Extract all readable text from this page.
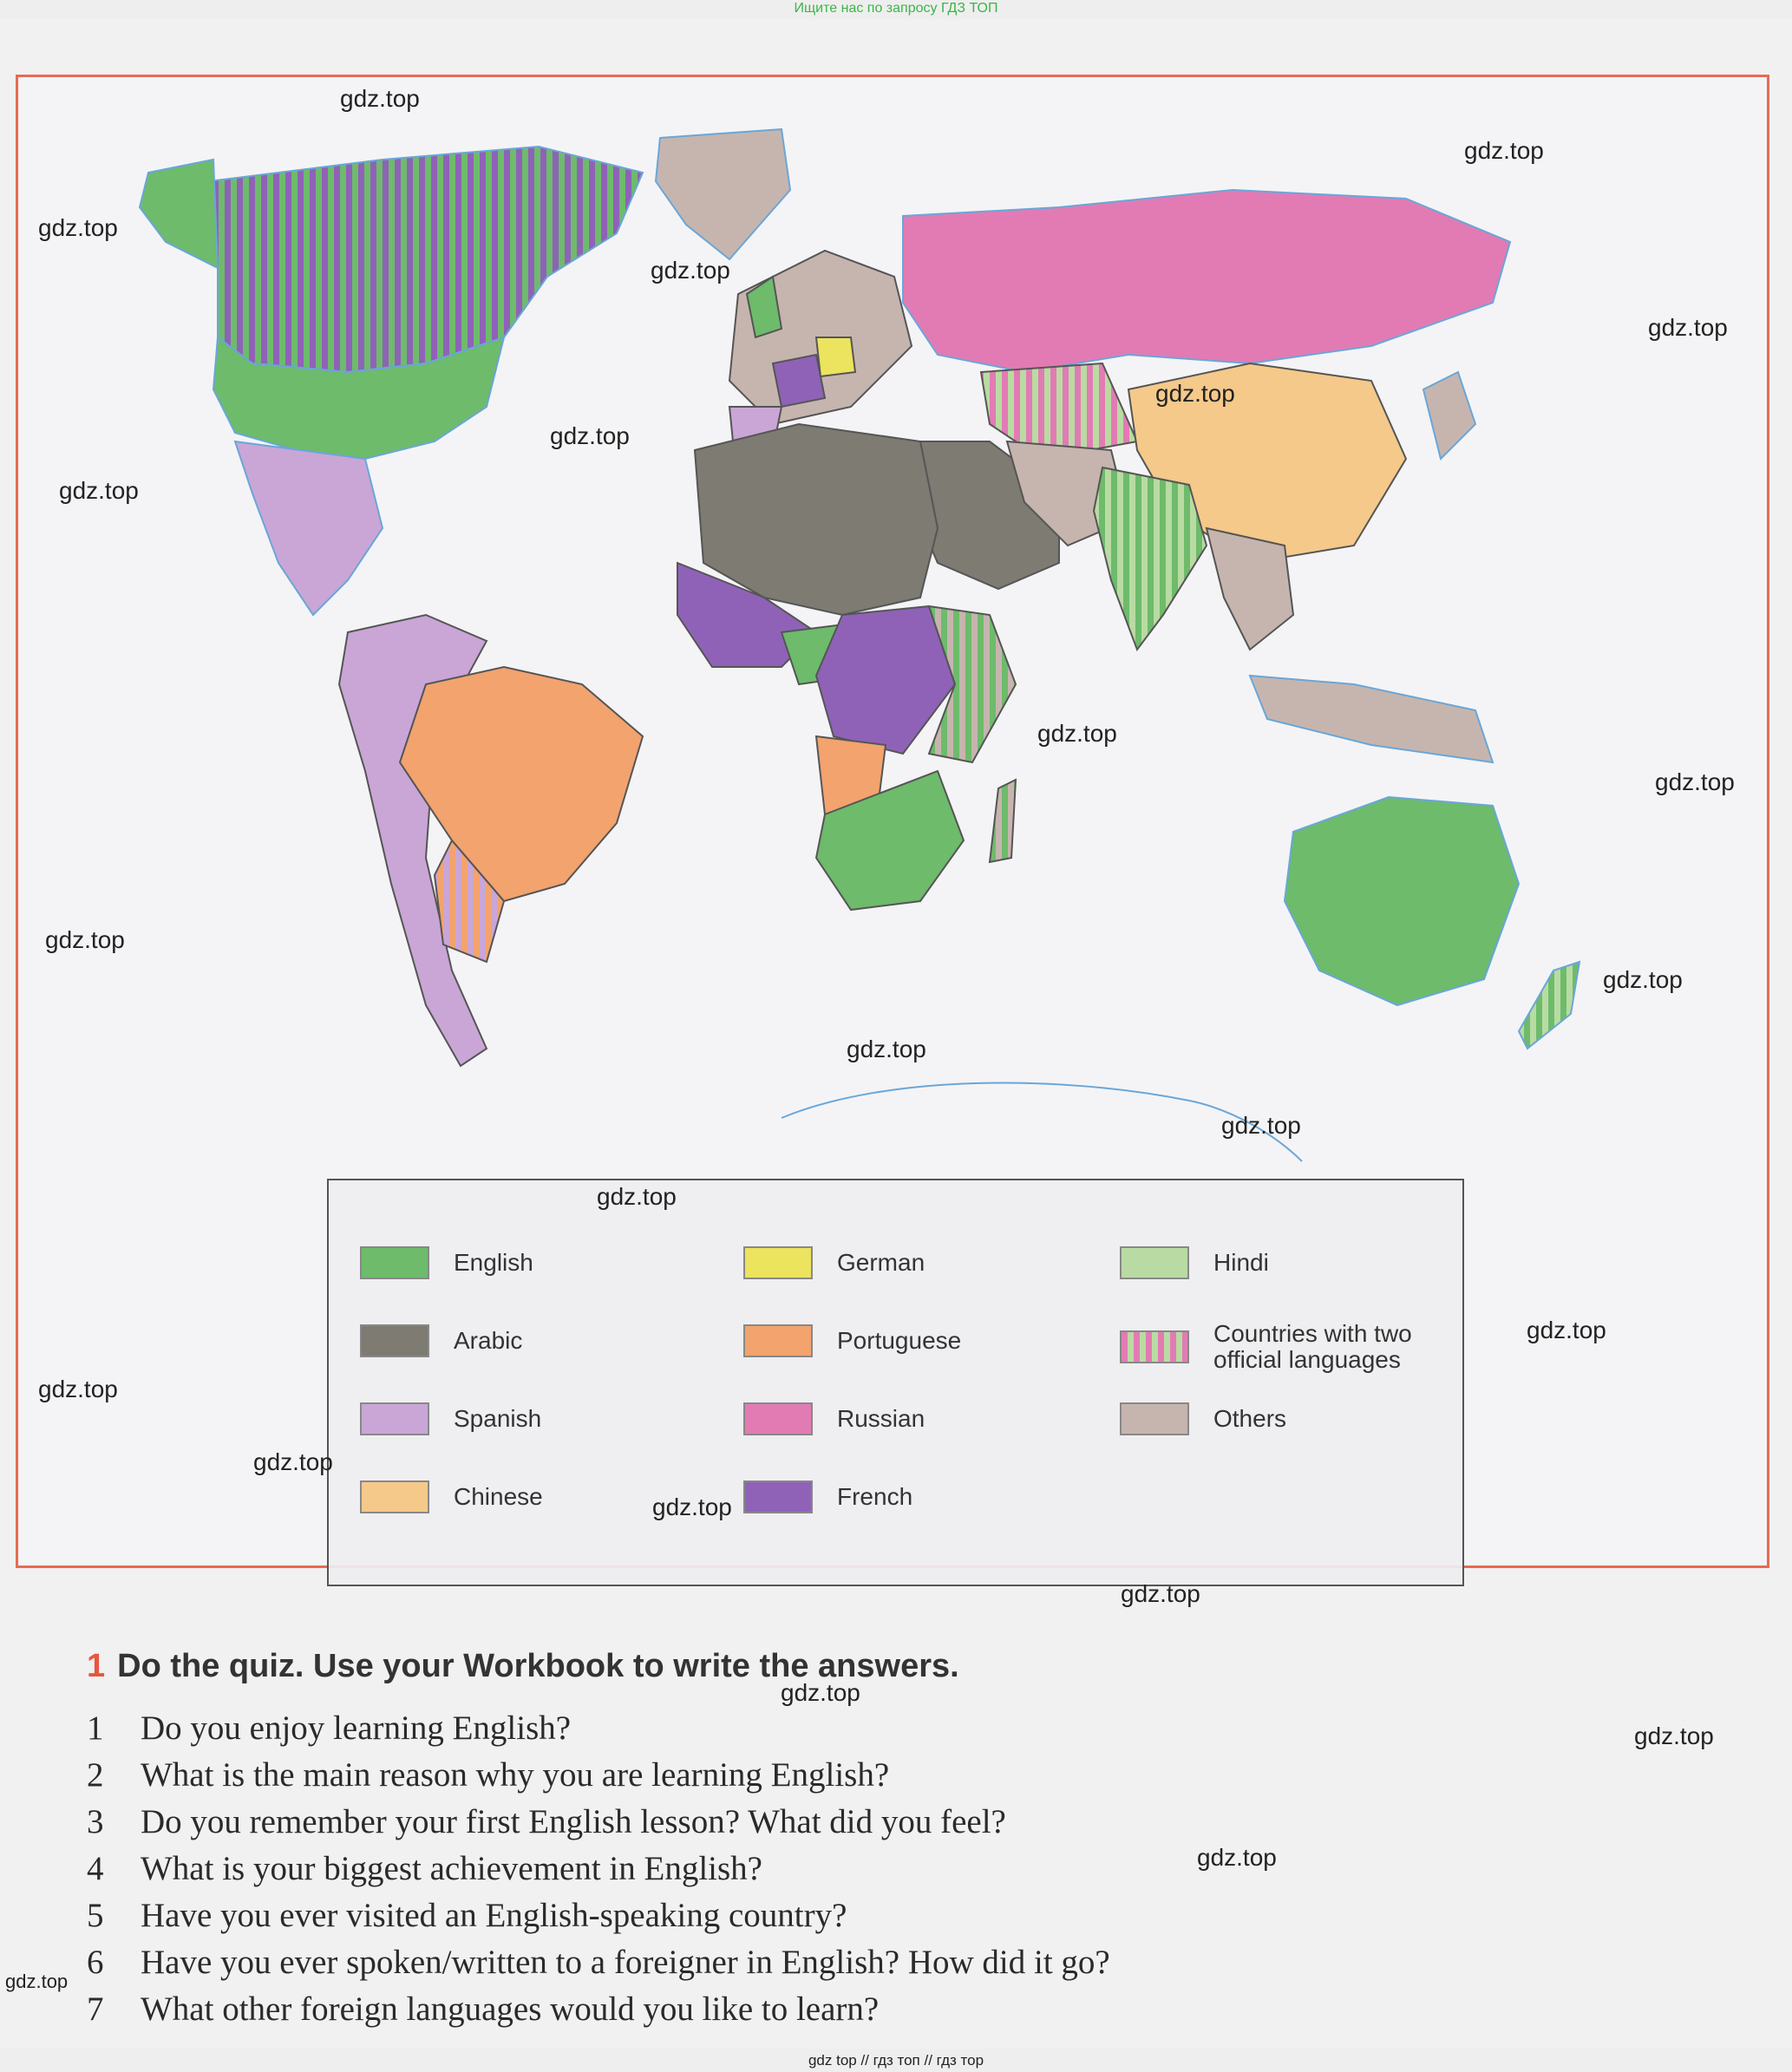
Ищите нас по запросу ГДЗ ТОП

English
Arabic
Spanish
Chinese
German
Portuguese
Russian
French
Hindi
Countries with two official languages
Others
1 Do the quiz. Use your Workbook to write the answers.
1	Do you enjoy learning English?
2	What is the main reason why you are learning English?
3	Do you remember your first English lesson? What did you feel?
4	What is your biggest achievement in English?
5	Have you ever visited an English-speaking country?
6	Have you ever spoken/written to a foreigner in English? How did it go?
7	What other foreign languages would you like to learn?
gdz.top
gdz.top
gdz.top
gdz.top
gdz.top
gdz.top
gdz.top
gdz.top
gdz.top
gdz.top
gdz.top
gdz.top
gdz.top
gdz.top
gdz.top
gdz.top
gdz.top
gdz.top
gdz.top
gdz.top
gdz.top
gdz.top
gdz.top
gdz.top
gdz top // гдз топ // гдз тор
